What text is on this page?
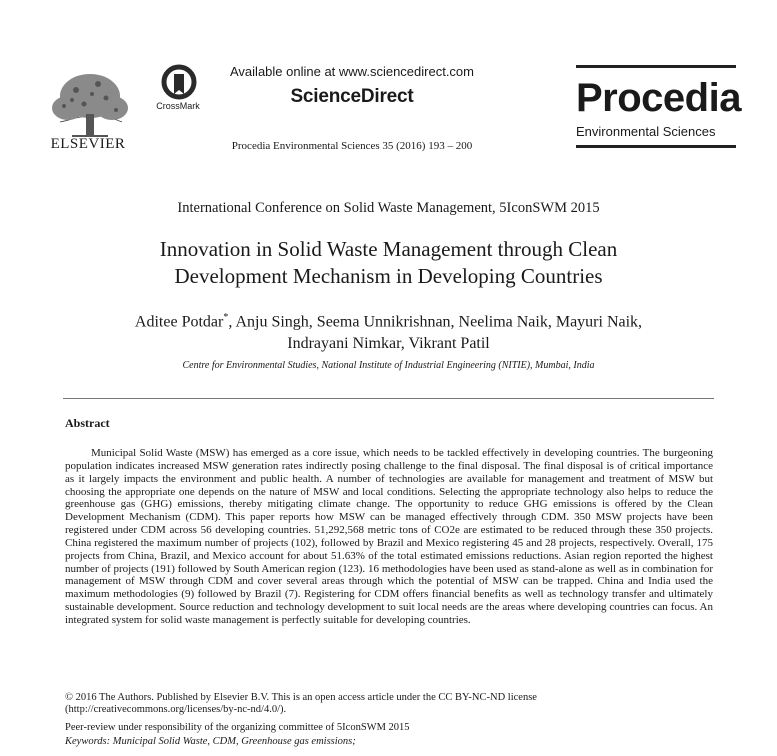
ELSEVIER
CrossMark
Available online at www.sciencedirect.com
ScienceDirect
Procedia Environmental Sciences 35 (2016) 193 – 200
Procedia
Environmental Sciences
International Conference on Solid Waste Management, 5IconSWM 2015
Innovation in Solid Waste Management through Clean
Development Mechanism in Developing Countries
Aditee Potdar*, Anju Singh, Seema Unnikrishnan, Neelima Naik, Mayuri Naik,
Indrayani Nimkar, Vikrant Patil
Centre for Environmental Studies, National Institute of Industrial Engineering (NITIE), Mumbai, India
Abstract
Municipal Solid Waste (MSW) has emerged as a core issue, which needs to be tackled effectively in developing countries. The burgeoning population indicates increased MSW generation rates indirectly posing challenge to the final disposal. The final disposal is of critical importance as it largely impacts the environment and public health. A number of technologies are available for management and treatment of MSW but choosing the appropriate one depends on the nature of MSW and local conditions. Selecting the appropriate technology also helps to reduce the greenhouse gas (GHG) emissions, thereby mitigating climate change. The opportunity to reduce GHG emissions is offered by the Clean Development Mechanism (CDM). This paper reports how MSW can be managed effectively through CDM. 350 MSW projects have been registered under CDM across 56 developing countries. 51,292,568 metric tons of CO2e are estimated to be reduced through these 350 projects. China registered the maximum number of projects (102), followed by Brazil and Mexico registering 45 and 28 projects, respectively. Overall, 175 projects from China, Brazil, and Mexico account for about 51.63% of the total estimated emissions reductions. Asian region reported the highest number of projects (191) followed by South American region (123). 16 methodologies have been used as stand-alone as well as in combination for management of MSW through CDM and cover several areas through which the potential of MSW can be trapped. China and India used the maximum methodologies (9) followed by Brazil (7). Registering for CDM offers financial benefits as well as technology transfer and ultimately sustainable development. Source reduction and technology development to suit local needs are the areas where developing countries can focus. An integrated system for solid waste management is perfectly suitable for developing countries.
© 2016 The Authors. Published by Elsevier B.V. This is an open access article under the CC BY-NC-ND license
(http://creativecommons.org/licenses/by-nc-nd/4.0/).
Peer-review under responsibility of the organizing committee of 5IconSWM 2015
Keywords: Municipal Solid Waste, CDM, Greenhouse gas emissions;
